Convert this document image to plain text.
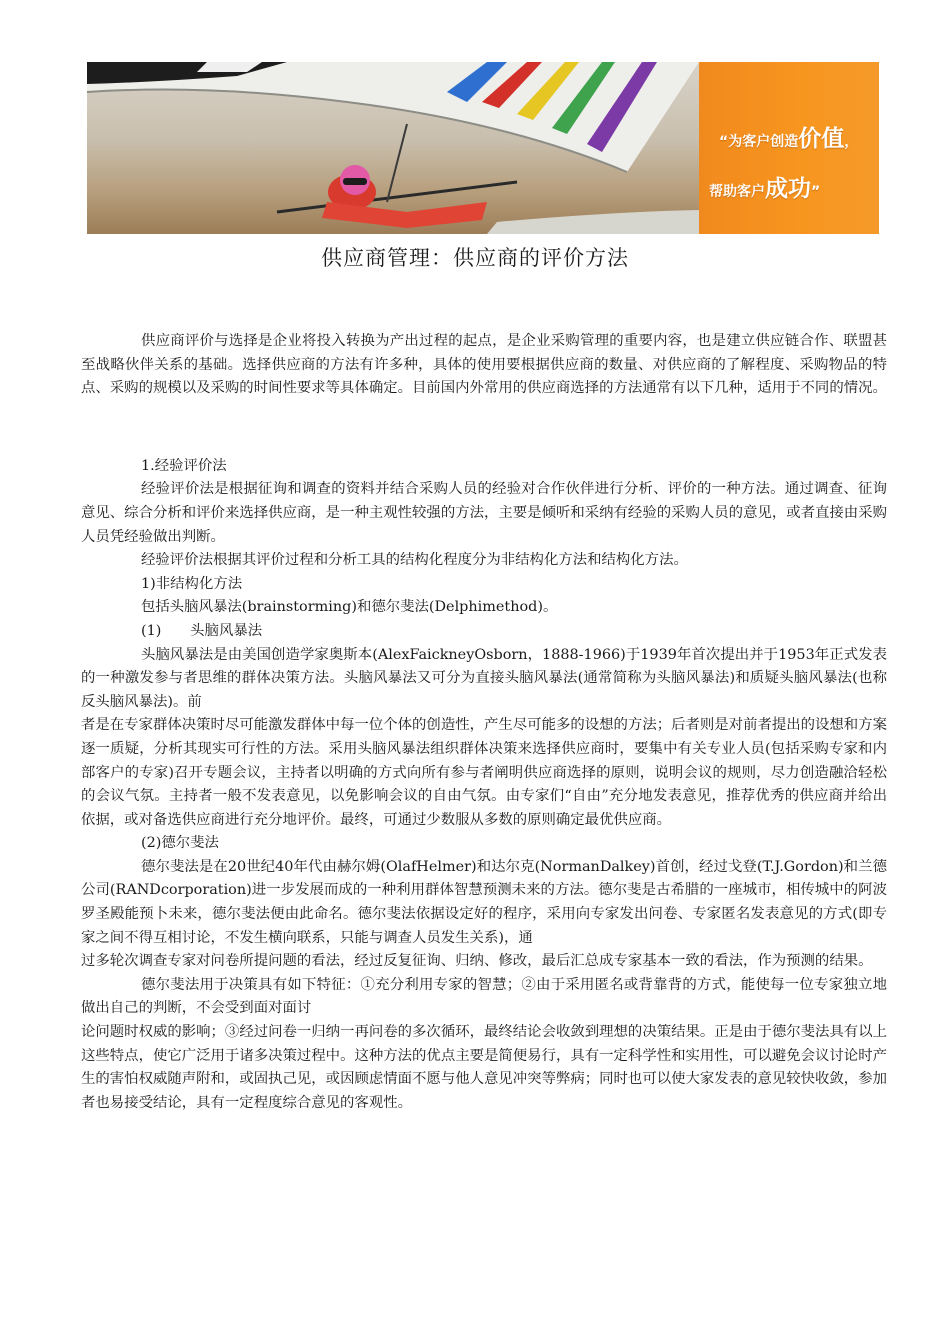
“为客户创造价值，
帮助客户成功”
供应商管理：供应商的评价方法

供应商评价与选择是企业将投入转换为产出过程的起点，是企业采购管理的重要内容，也是建立供应链合作、联盟甚至战略伙伴关系的基础。选择供应商的方法有许多种，具体的使用要根据供应商的数量、对供应商的了解程度、采购物品的特点、采购的规模以及采购的时间性要求等具体确定。目前国内外常用的供应商选择的方法通常有以下几种，适用于不同的情况。

1.经验评价法

经验评价法是根据征询和调查的资料并结合采购人员的经验对合作伙伴进行分析、评价的一种方法。通过调查、征询意见、综合分析和评价来选择供应商，是一种主观性较强的方法，主要是倾听和采纳有经验的采购人员的意见，或者直接由采购人员凭经验做出判断。

经验评价法根据其评价过程和分析工具的结构化程度分为非结构化方法和结构化方法。

1)非结构化方法

包括头脑风暴法(brainstorming)和德尔斐法(Delphimethod)。

(1)　　头脑风暴法

头脑风暴法是由美国创造学家奥斯本(AlexFaickneyOsborn，1888-1966)于1939年首次提出并于1953年正式发表的一种激发参与者思维的群体决策方法。头脑风暴法又可分为直接头脑风暴法(通常简称为头脑风暴法)和质疑头脑风暴法(也称反头脑风暴法)。前

者是在专家群体决策时尽可能激发群体中每一位个体的创造性，产生尽可能多的设想的方法；后者则是对前者提出的设想和方案逐一质疑，分析其现实可行性的方法。采用头脑风暴法组织群体决策来选择供应商时，要集中有关专业人员(包括采购专家和内部客户的专家)召开专题会议，主持者以明确的方式向所有参与者阐明供应商选择的原则，说明会议的规则，尽力创造融洽轻松的会议气氛。主持者一般不发表意见，以免影响会议的自由气氛。由专家们“自由”充分地发表意见，推荐优秀的供应商并给出依据，或对备选供应商进行充分地评价。最终，可通过少数服从多数的原则确定最优供应商。

(2)德尔斐法

德尔斐法是在20世纪40年代由赫尔姆(OlafHelmer)和达尔克(NormanDalkey)首创，经过戈登(T.J.Gordon)和兰德公司(RANDcorporation)进一步发展而成的一种利用群体智慧预测未来的方法。德尔斐是古希腊的一座城市，相传城中的阿波罗圣殿能预卜未来，德尔斐法便由此命名。德尔斐法依据设定好的程序，采用向专家发出问卷、专家匿名发表意见的方式(即专家之间不得互相讨论，不发生横向联系，只能与调查人员发生关系)，通

过多轮次调查专家对问卷所提问题的看法，经过反复征询、归纳、修改，最后汇总成专家基本一致的看法，作为预测的结果。

德尔斐法用于决策具有如下特征：①充分利用专家的智慧；②由于采用匿名或背靠背的方式，能使每一位专家独立地做出自己的判断，不会受到面对面讨

论问题时权威的影响；③经过问卷一归纳一再问卷的多次循环，最终结论会收敛到理想的决策结果。正是由于德尔斐法具有以上这些特点，使它广泛用于诸多决策过程中。这种方法的优点主要是简便易行，具有一定科学性和实用性，可以避免会议讨论时产生的害怕权威随声附和，或固执己见，或因顾虑情面不愿与他人意见冲突等弊病；同时也可以使大家发表的意见较快收敛，参加者也易接受结论，具有一定程度综合意见的客观性。
